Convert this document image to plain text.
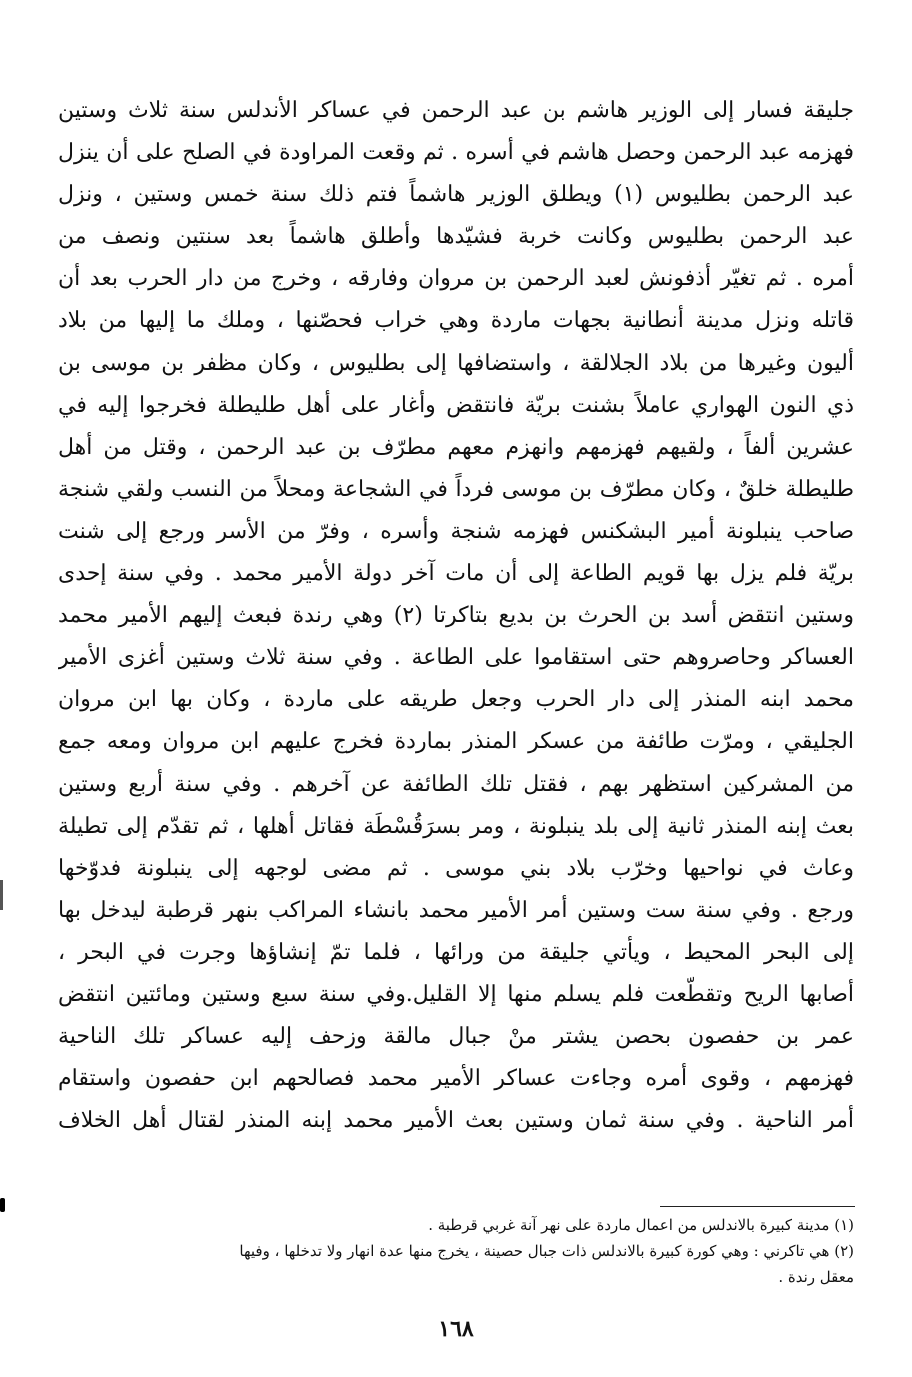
جليقة فسار إلى الوزير هاشم بن عبد الرحمن في عساكر الأندلس سنة ثلاث وستين
فهزمه عبد الرحمن وحصل هاشم في أسره . ثم وقعت المراودة في الصلح على أن ينزل
عبد الرحمن بطليوس (١) ويطلق الوزير هاشماً فتم ذلك سنة خمس وستين ، ونزل
عبد الرحمن بطليوس وكانت خربة فشيّدها وأطلق هاشماً بعد سنتين ونصف من
أمره . ثم تغيّر أذفونش لعبد الرحمن بن مروان وفارقه ، وخرج من دار الحرب بعد أن
قاتله ونزل مدينة أنطانية بجهات ماردة وهي خراب فحصّنها ، وملك ما إليها من بلاد
أليون وغيرها من بلاد الجلالقة ، واستضافها إلى بطليوس ، وكان مظفر بن موسى بن
ذي النون الهواري عاملاً بشنت بريّة فانتقض وأغار على أهل طليطلة فخرجوا إليه في
عشرين ألفاً ، ولقيهم فهزمهم وانهزم معهم مطرّف بن عبد الرحمن ، وقتل من أهل
طليطلة خلقٌ ، وكان مطرّف بن موسى فرداً في الشجاعة ومحلاً من النسب ولقي شنجة
صاحب ينبلونة أمير البشكنس فهزمه شنجة وأسره ، وفرّ من الأسر ورجع إلى شنت
بريّة فلم يزل بها قويم الطاعة إلى أن مات آخر دولة الأمير محمد . وفي سنة إحدى
وستين انتقض أسد بن الحرث بن بديع بتاكرتا (٢) وهي رندة فبعث إليهم الأمير محمد
العساكر وحاصروهم حتى استقاموا على الطاعة . وفي سنة ثلاث وستين أغزى الأمير
محمد ابنه المنذر إلى دار الحرب وجعل طريقه على ماردة ، وكان بها ابن مروان
الجليقي ، ومرّت طائفة من عسكر المنذر بماردة فخرج عليهم ابن مروان ومعه جمع
من المشركين استظهر بهم ، فقتل تلك الطائفة عن آخرهم . وفي سنة أربع وستين
بعث إبنه المنذر ثانية إلى بلد ينبلونة ، ومر بسرَقُسْطَة فقاتل أهلها ، ثم تقدّم إلى تطيلة
وعاث في نواحيها وخرّب بلاد بني موسى . ثم مضى لوجهه إلى ينبلونة فدوّخها
ورجع . وفي سنة ست وستين أمر الأمير محمد بانشاء المراكب بنهر قرطبة ليدخل بها
إلى البحر المحيط ، ويأتي جليقة من ورائها ، فلما تمّ إنشاؤها وجرت في البحر ،
أصابها الريح وتقطّعت فلم يسلم منها إلا القليل.وفي سنة سبع وستين ومائتين انتقض
عمر بن حفصون بحصن يشتر منْ جبال مالقة وزحف إليه عساكر تلك الناحية
فهزمهم ، وقوى أمره وجاءت عساكر الأمير محمد فصالحهم ابن حفصون واستقام
أمر الناحية . وفي سنة ثمان وستين بعث الأمير محمد إبنه المنذر لقتال أهل الخلاف
(١) مدينة كبيرة بالاندلس من اعمال ماردة على نهر آنة غربي قرطبة .
(٢) هي تاكرني : وهي كورة كبيرة بالاندلس ذات جبال حصينة ، يخرج منها عدة انهار ولا تدخلها ، وفيها
معقل رندة .
١٦٨
